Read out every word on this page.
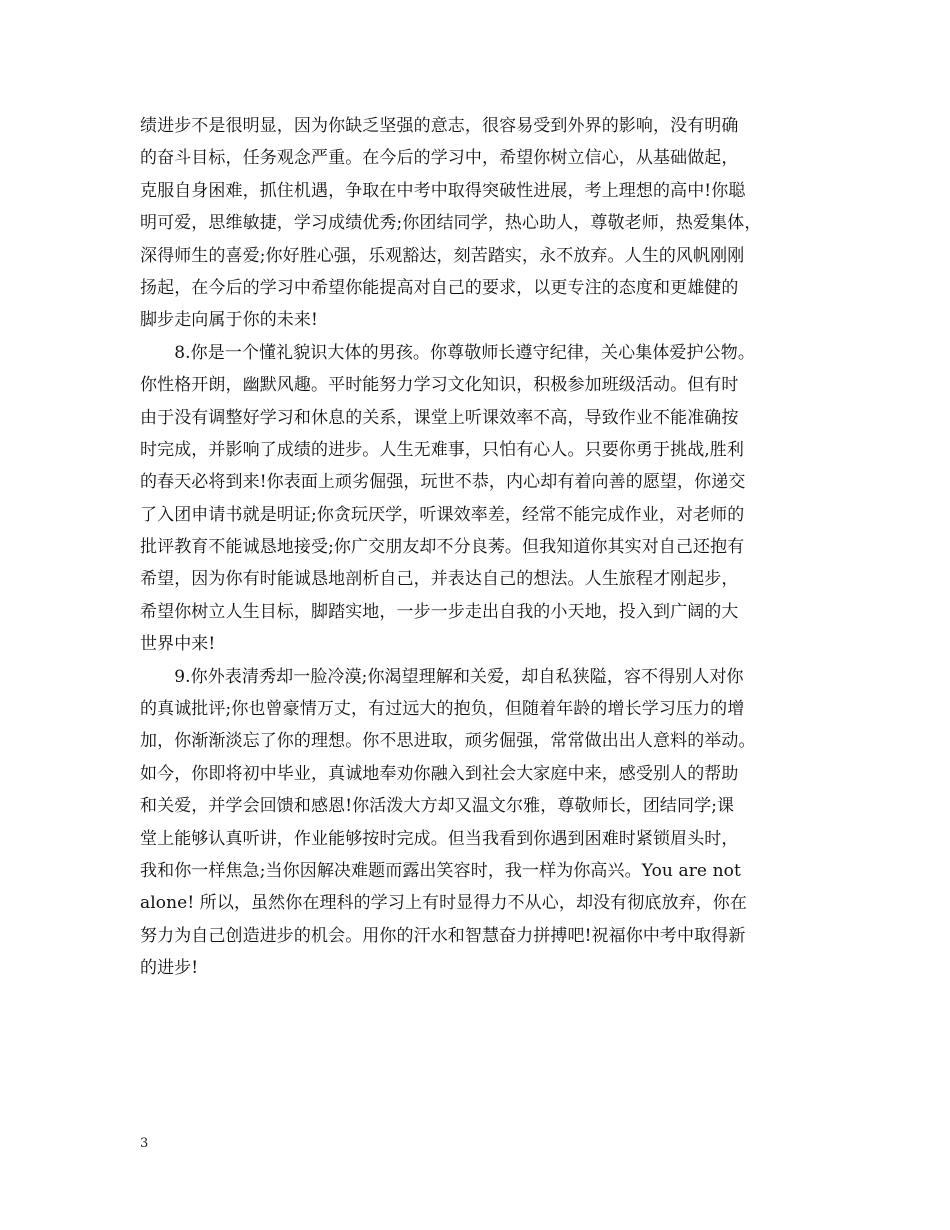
绩进步不是很明显，因为你缺乏坚强的意志，很容易受到外界的影响，没有明确
的奋斗目标，任务观念严重。在今后的学习中，希望你树立信心，从基础做起，
克服自身困难，抓住机遇，争取在中考中取得突破性进展，考上理想的高中!你聪
明可爱，思维敏捷，学习成绩优秀;你团结同学，热心助人，尊敬老师，热爱集体，
深得师生的喜爱;你好胜心强，乐观豁达，刻苦踏实，永不放弃。人生的风帆刚刚
扬起，在今后的学习中希望你能提高对自己的要求，以更专注的态度和更雄健的
脚步走向属于你的未来!
　　8.你是一个懂礼貌识大体的男孩。你尊敬师长遵守纪律，关心集体爱护公物。
你性格开朗，幽默风趣。平时能努力学习文化知识，积极参加班级活动。但有时
由于没有调整好学习和休息的关系，课堂上听课效率不高，导致作业不能准确按
时完成，并影响了成绩的进步。人生无难事，只怕有心人。只要你勇于挑战,胜利
的春天必将到来!你表面上顽劣倔强，玩世不恭，内心却有着向善的愿望，你递交
了入团申请书就是明证;你贪玩厌学，听课效率差，经常不能完成作业，对老师的
批评教育不能诚恳地接受;你广交朋友却不分良莠。但我知道你其实对自己还抱有
希望，因为你有时能诚恳地剖析自己，并表达自己的想法。人生旅程才刚起步，
希望你树立人生目标，脚踏实地，一步一步走出自我的小天地，投入到广阔的大
世界中来!
　　9.你外表清秀却一脸冷漠;你渴望理解和关爱，却自私狭隘，容不得别人对你
的真诚批评;你也曾豪情万丈，有过远大的抱负，但随着年龄的增长学习压力的增
加，你渐渐淡忘了你的理想。你不思进取，顽劣倔强，常常做出出人意料的举动。
如今，你即将初中毕业，真诚地奉劝你融入到社会大家庭中来，感受别人的帮助
和关爱，并学会回馈和感恩!你活泼大方却又温文尔雅，尊敬师长，团结同学;课
堂上能够认真听讲，作业能够按时完成。但当我看到你遇到困难时紧锁眉头时，
我和你一样焦急;当你因解决难题而露出笑容时，我一样为你高兴。You are not
alone! 所以，虽然你在理科的学习上有时显得力不从心，却没有彻底放弃，你在
努力为自己创造进步的机会。用你的汗水和智慧奋力拼搏吧!祝福你中考中取得新
的进步!
3
